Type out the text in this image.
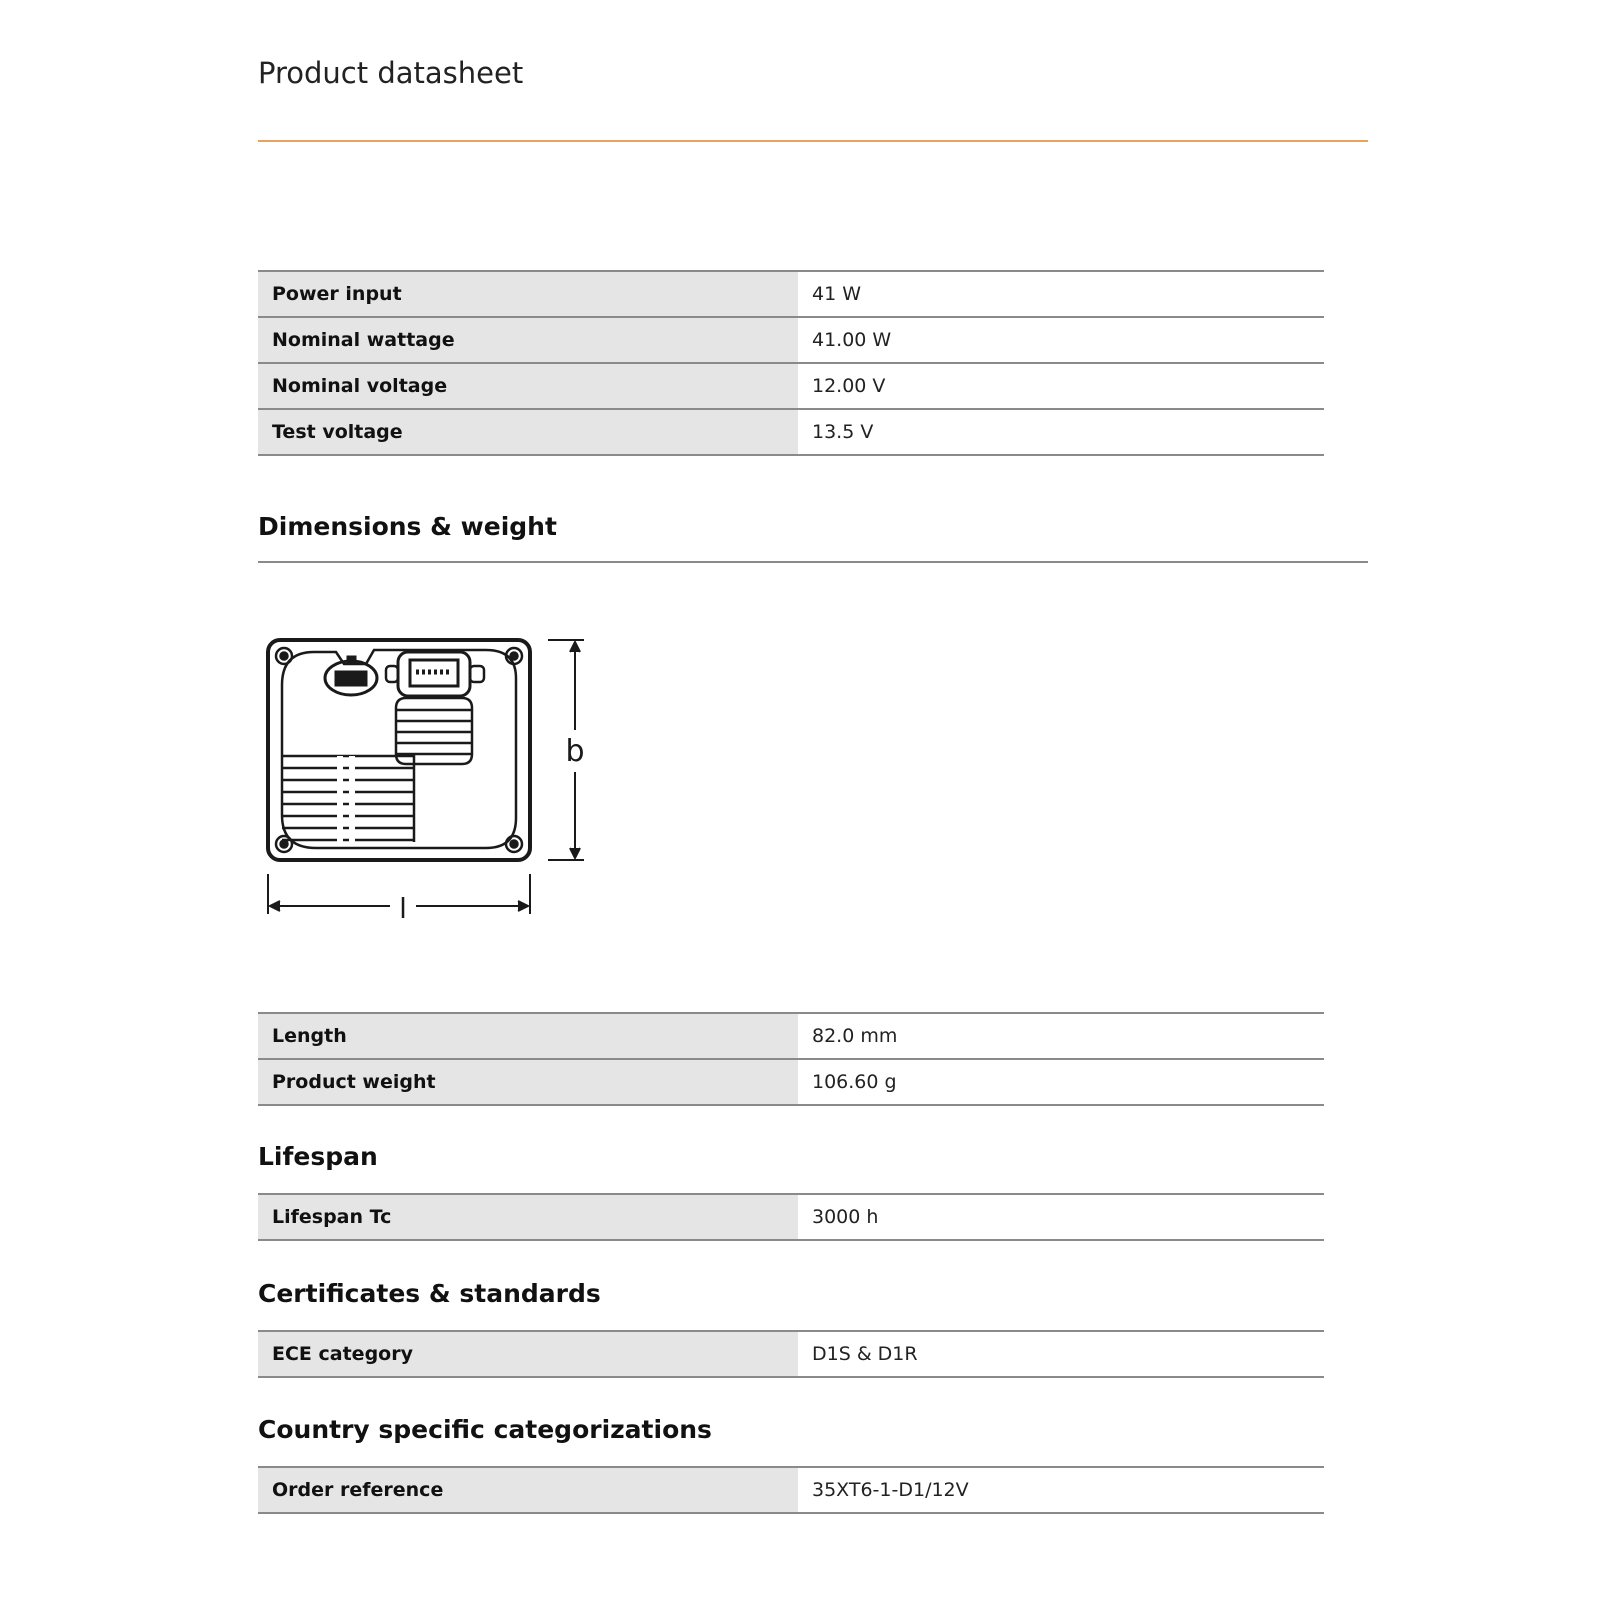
Product datasheet
Power input	41 W
Nominal wattage	41.00 W
Nominal voltage	12.00 V
Test voltage	13.5 V
Dimensions & weight
b
l
Length	82.0 mm
Product weight	106.60 g
Lifespan
Lifespan Tc	3000 h
Certificates & standards
ECE category	D1S & D1R
Country specific categorizations
Order reference	35XT6-1-D1/12V
